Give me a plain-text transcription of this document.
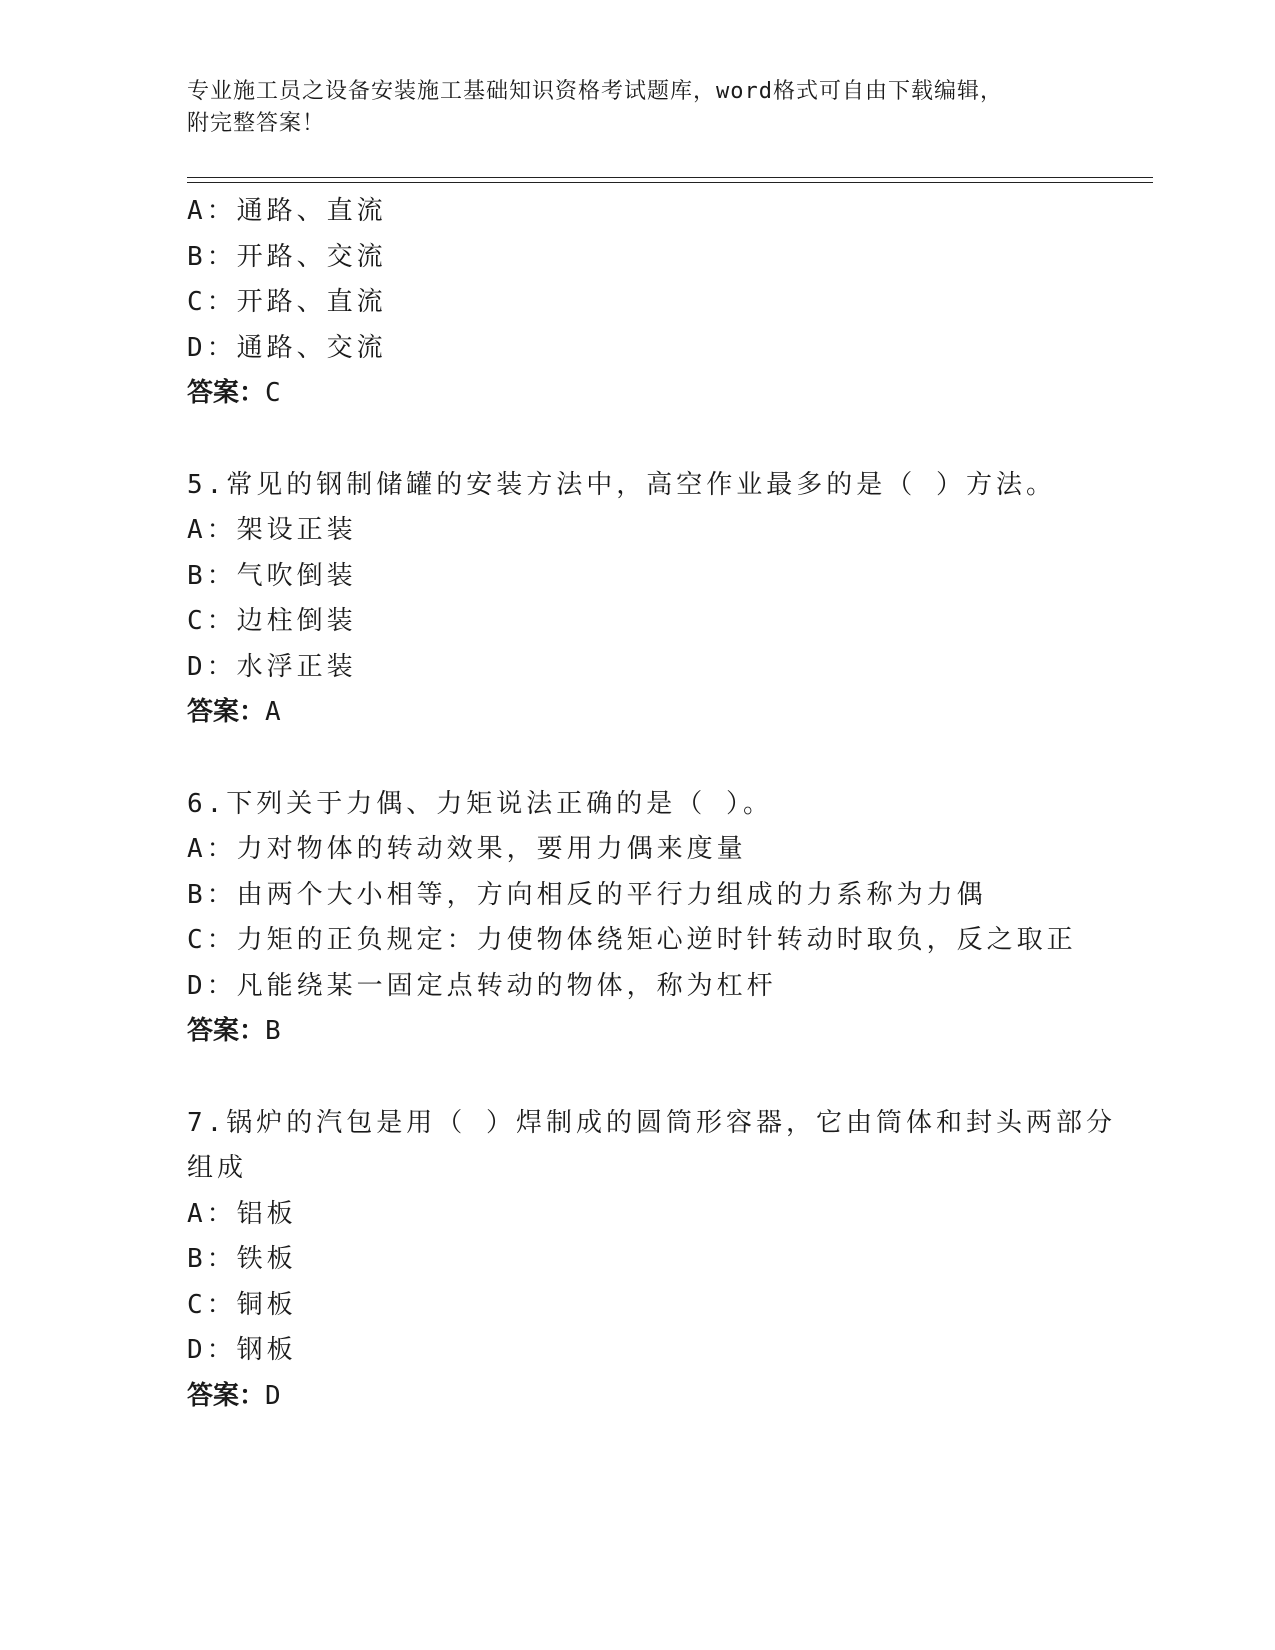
专业施工员之设备安装施工基础知识资格考试题库，word格式可自由下载编辑，
附完整答案！
A：通路、直流
B：开路、交流
C：开路、直流
D：通路、交流
答案：C
5.常见的钢制储罐的安装方法中，高空作业最多的是（ ）方法。
A：架设正装
B：气吹倒装
C：边柱倒装
D：水浮正装
答案：A
6.下列关于力偶、力矩说法正确的是（ ）。
A：力对物体的转动效果，要用力偶来度量
B：由两个大小相等，方向相反的平行力组成的力系称为力偶
C：力矩的正负规定：力使物体绕矩心逆时针转动时取负，反之取正
D：凡能绕某一固定点转动的物体，称为杠杆
答案：B
7.锅炉的汽包是用（ ）焊制成的圆筒形容器，它由筒体和封头两部分
组成
A：铝板
B：铁板
C：铜板
D：钢板
答案：D
